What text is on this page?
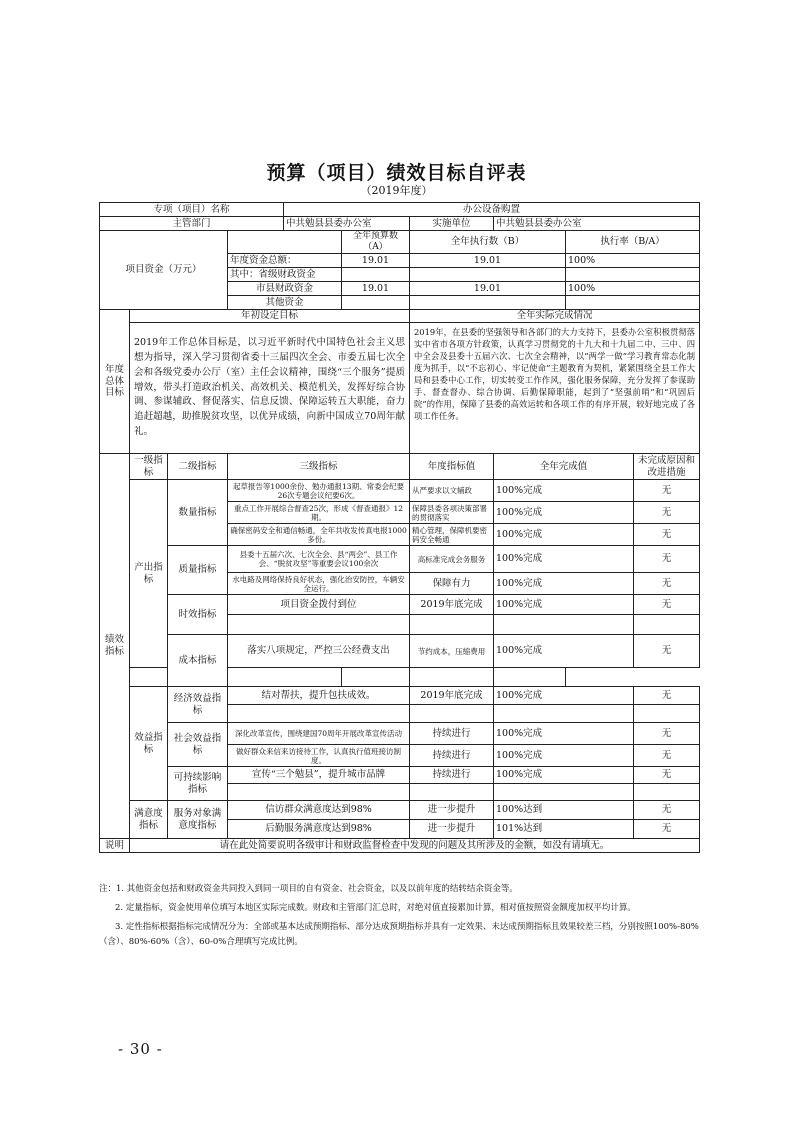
预算（项目）绩效目标自评表
（2019年度）
专项（项目）名称				办公设备购置					
主管部门				中共勉县县委办公室		实施单位	中共勉县县委办公室		
项目资金（万元）					全年预算数（A）	全年执行数（B）		执行率（B/A）	
			年度资金总额：		19.01	19.01		100%	
			其中：省级财政资金						
			市县财政资金		19.01	19.01		100%	
			其他资金						
年度总体目标	年初设定目标					全年实际完成情况			
	2019年工作总体目标是，以习近平新时代中国特色社会主义思想为指导，深入学习贯彻省委十三届四次全会、市委五届七次全会和各级党委办公厅（室）主任会议精神，围绕“三个服务”提质增效，带头打造政治机关、高效机关、模范机关，发挥好综合协调、参谋辅政、督促落实、信息反馈、保障运转五大职能，奋力追赶超越，助推脱贫攻坚，以优异成绩，向新中国成立70周年献礼。					2019年，在县委的坚强领导和各部门的大力支持下，县委办公室积极贯彻落实中省市各项方针政策，认真学习贯彻党的十九大和十九届二中、三中、四中全会及县委十五届六次、七次全会精神，以“两学一做”学习教育常态化制度为抓手，以“不忘初心、牢记使命”主题教育为契机，紧紧围绕全县工作大局和县委中心工作，切实转变工作作风，强化服务保障，充分发挥了参谋助手、督查督办、综合协调、后勤保障职能，起到了“坚强前哨”和“巩固后院”的作用，保障了县委的高效运转和各项工作的有序开展，较好地完成了各项工作任务。			
绩效指标	一级指标	二级指标	三级指标			年度指标值	全年完成值		未完成原因和改进措施
	产出指标	数量指标	起草报告等1000余份、勉办通报13期、常委会纪要26次专题会议纪要6次。			从严要求以文辅政	100%完成		无
			重点工作开展综合督查25次，形成《督查通报》12期。			保障县委各项决策部署的贯彻落实	100%完成		无
			确保密码安全和通信畅通，全年共收发传真电报1000多份。			精心管理，保障机要密码安全畅通	100%完成		无
		质量指标	县委十五届六次、七次全会、县“两会”、县工作会、“脱贫攻坚”等重要会议100余次			高标准完成会务服务	100%完成		无
			水电路及网络保持良好状态，强化治安防控，车辆安全运行。			保障有力	100%完成		无
		时效指标	项目资金拨付到位			2019年底完成	100%完成		无

		成本指标	落实八项规定，严控三公经费支出			节约成本，压缩费用	100%完成		无

	效益指标	经济效益指标	结对帮扶，提升包扶成效。			2019年底完成	100%完成		无

		社会效益指标	深化改革宣传，围绕建国70周年开展改革宣传活动			持续进行	100%完成		无
			做好群众来信来访接待工作，认真执行值班接访制度。			持续进行	100%完成		无
		可持续影响指标	宣传“三个勉县”，提升城市品牌			持续进行	100%完成		无

	满意度指标	服务对象满意度指标	信访群众满意度达到98%			进一步提升	100%达到		无
			后勤服务满意度达到98%			进一步提升	101%达到		无
说明	请在此处简要说明各级审计和财政监督检查中发现的问题及其所涉及的金额，如没有请填无。								

注：1. 其他资金包括和财政资金共同投入到同一项目的自有资金、社会资金，以及以前年度的结转结余资金等。

2. 定量指标，资金使用单位填写本地区实际完成数。财政和主管部门汇总时，对绝对值直接累加计算，相对值按照资金额度加权平均计算。

3. 定性指标根据指标完成情况分为：全部或基本达成预期指标、部分达成预期指标并具有一定效果、未达成预期指标且效果较差三档，分别按照100%-80%（含）、80%-60%（含）、60-0%合理填写完成比例。

- 30 -
